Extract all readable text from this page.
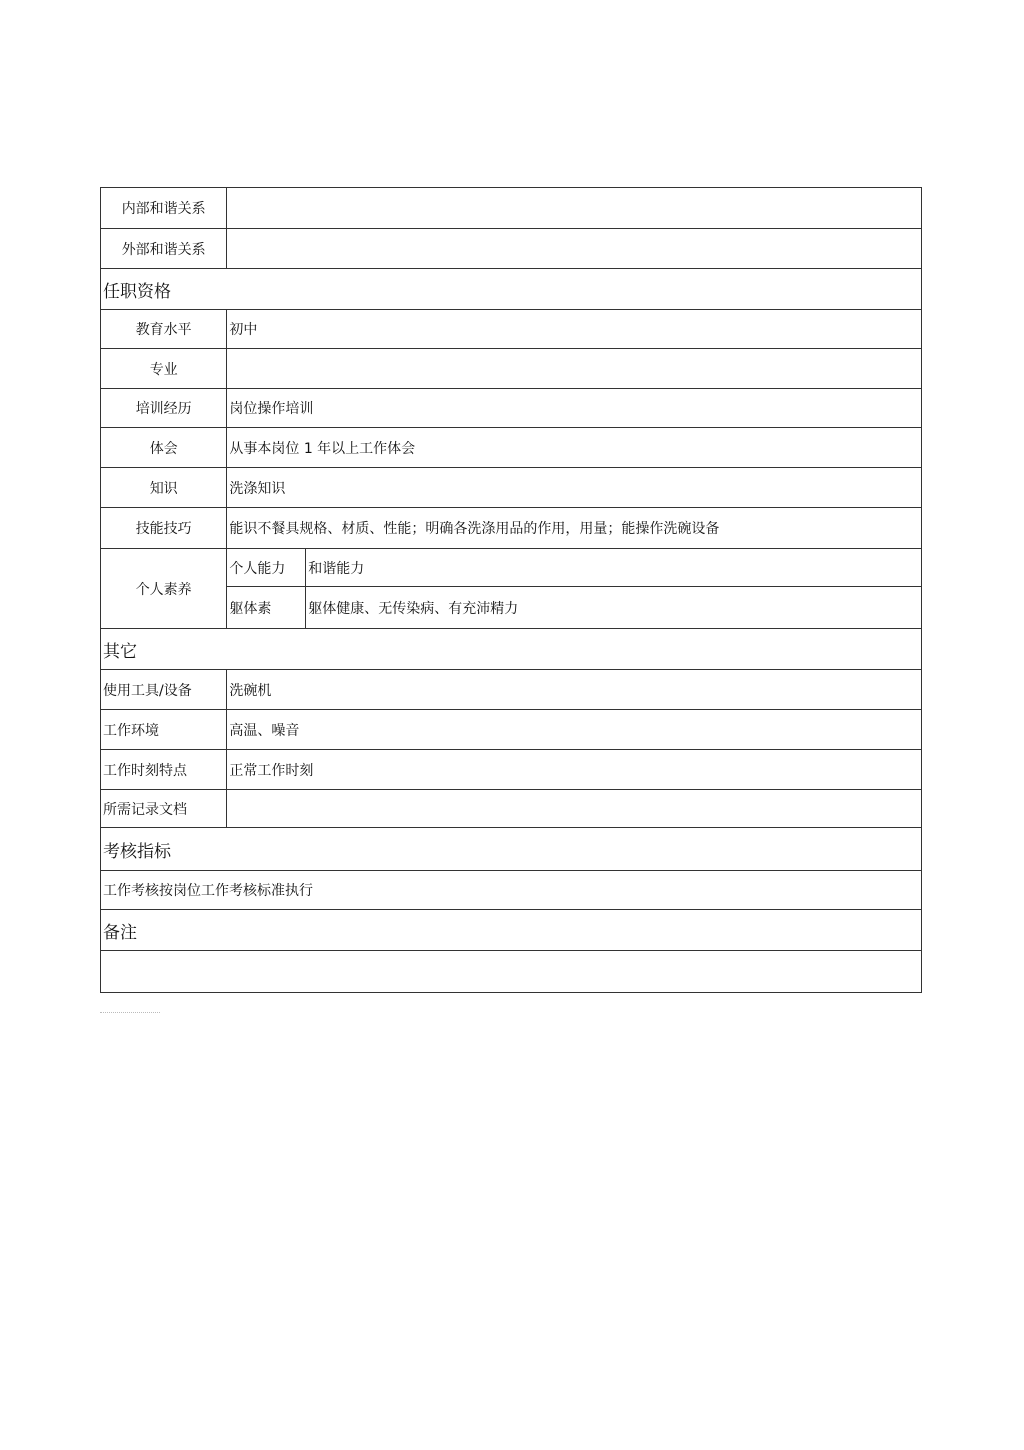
内部和谐关系		
外部和谐关系		
任职资格		
教育水平	初中	
专业		
培训经历	岗位操作培训	
体会	从事本岗位 1 年以上工作体会	
知识	洗涤知识	
技能技巧	能识不餐具规格、材质、性能；明确各洗涤用品的作用，用量；能操作洗碗设备	
个人素养	个人能力	和谐能力
	躯体素	躯体健康、无传染病、有充沛精力
其它		
使用工具/设备	洗碗机	
工作环境	高温、噪音	
工作时刻特点	正常工作时刻	
所需记录文档		
考核指标		
工作考核按岗位工作考核标准执行		
备注		
